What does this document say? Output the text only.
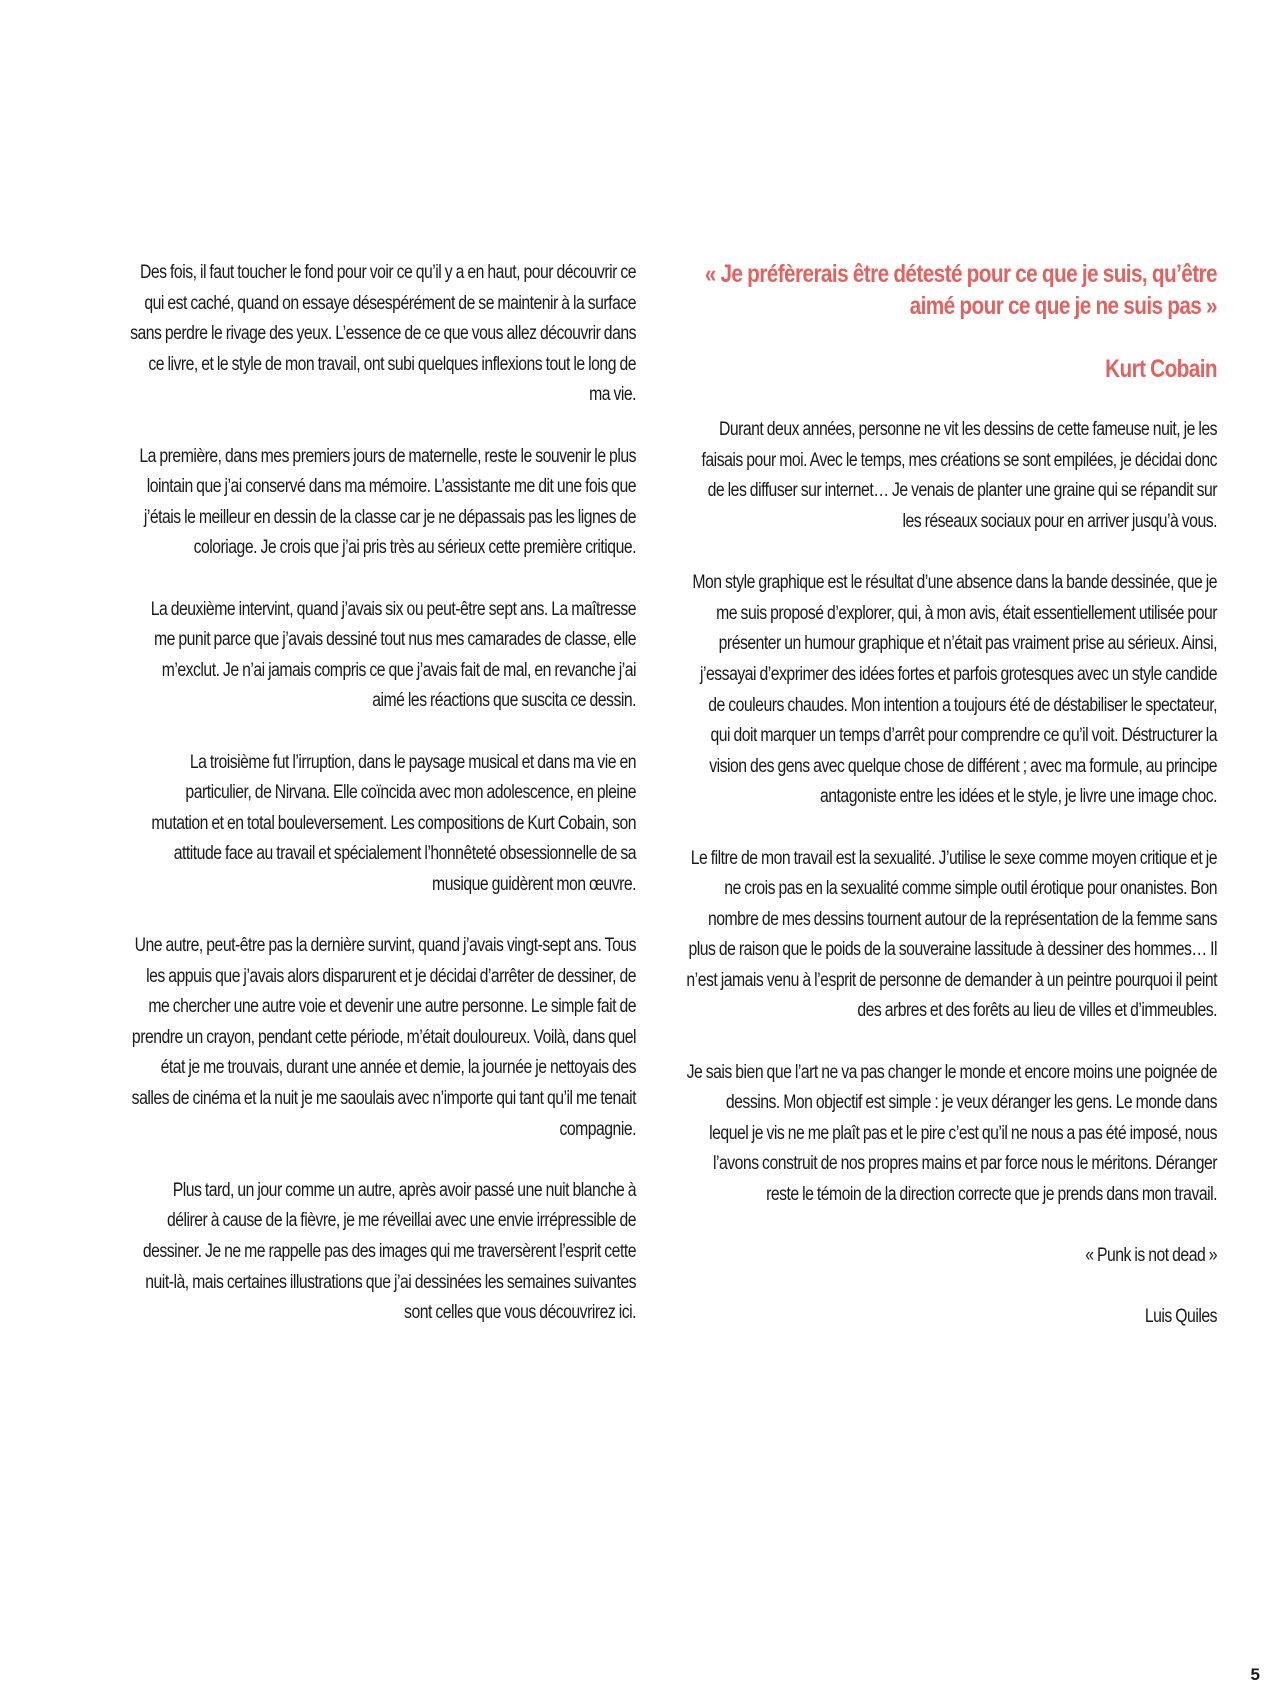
Des fois, il faut toucher le fond pour voir ce qu’il y a en haut, pour découvrir ce qui est caché, quand on essaye désespérément de se maintenir à la surface sans perdre le rivage des yeux. L’essence de ce que vous allez découvrir dans ce livre, et le style de mon travail, ont subi quelques inflexions tout le long de ma vie.

La première, dans mes premiers jours de maternelle, reste le souvenir le plus lointain que j’ai conservé dans ma mémoire. L’assistante me dit une fois que j’étais le meilleur en dessin de la classe car je ne dépassais pas les lignes de coloriage. Je crois que j’ai pris très au sérieux cette première critique.

La deuxième intervint, quand j’avais six ou peut-être sept ans. La maîtresse me punit parce que j’avais dessiné tout nus mes camarades de classe, elle m’exclut. Je n’ai jamais compris ce que j’avais fait de mal, en revanche j’ai aimé les réactions que suscita ce dessin.

La troisième fut l’irruption, dans le paysage musical et dans ma vie en particulier, de Nirvana. Elle coïncida avec mon adolescence, en pleine mutation et en total bouleversement. Les compositions de Kurt Cobain, son attitude face au travail et spécialement l’honnêteté obsessionnelle de sa musique guidèrent mon œuvre.

Une autre, peut-être pas la dernière survint, quand j’avais vingt-sept ans. Tous les appuis que j’avais alors disparurent et je décidai d’arrêter de dessiner, de me chercher une autre voie et devenir une autre personne. Le simple fait de prendre un crayon, pendant cette période, m’était douloureux. Voilà, dans quel état je me trouvais, durant une année et demie, la journée je nettoyais des salles de cinéma et la nuit je me saoulais avec n’importe qui tant qu’il me tenait compagnie.

Plus tard, un jour comme un autre, après avoir passé une nuit blanche à délirer à cause de la fièvre, je me réveillai avec une envie irrépressible de dessiner. Je ne me rappelle pas des images qui me traversèrent l’esprit cette nuit-là, mais certaines illustrations que j’ai dessinées les semaines suivantes sont celles que vous découvrirez ici.

« Je préfèrerais être détesté pour ce que je suis, qu’être aimé pour ce que je ne suis pas »

Kurt Cobain

Durant deux années, personne ne vit les dessins de cette fameuse nuit, je les faisais pour moi. Avec le temps, mes créations se sont empilées, je décidai donc de les diffuser sur internet… Je venais de planter une graine qui se répandit sur les réseaux sociaux pour en arriver jusqu’à vous.

Mon style graphique est le résultat d’une absence dans la bande dessinée, que je me suis proposé d’explorer, qui, à mon avis, était essentiellement utilisée pour présenter un humour graphique et n’était pas vraiment prise au sérieux. Ainsi, j’essayai d’exprimer des idées fortes et parfois grotesques avec un style candide de couleurs chaudes. Mon intention a toujours été de déstabiliser le spectateur, qui doit marquer un temps d’arrêt pour comprendre ce qu’il voit. Déstructurer la vision des gens avec quelque chose de différent ; avec ma formule, au principe antagoniste entre les idées et le style, je livre une image choc.

Le filtre de mon travail est la sexualité. J’utilise le sexe comme moyen critique et je ne crois pas en la sexualité comme simple outil érotique pour onanistes. Bon nombre de mes dessins tournent autour de la représentation de la femme sans plus de raison que le poids de la souveraine lassitude à dessiner des hommes… Il n’est jamais venu à l’esprit de personne de demander à un peintre pourquoi il peint des arbres et des forêts au lieu de villes et d’immeubles.

Je sais bien que l’art ne va pas changer le monde et encore moins une poignée de dessins. Mon objectif est simple : je veux déranger les gens. Le monde dans lequel je vis ne me plaît pas et le pire c’est qu’il ne nous a pas été imposé, nous l’avons construit de nos propres mains et par force nous le méritons. Déranger reste le témoin de la direction correcte que je prends dans mon travail.

« Punk is not dead »

Luis Quiles

5
